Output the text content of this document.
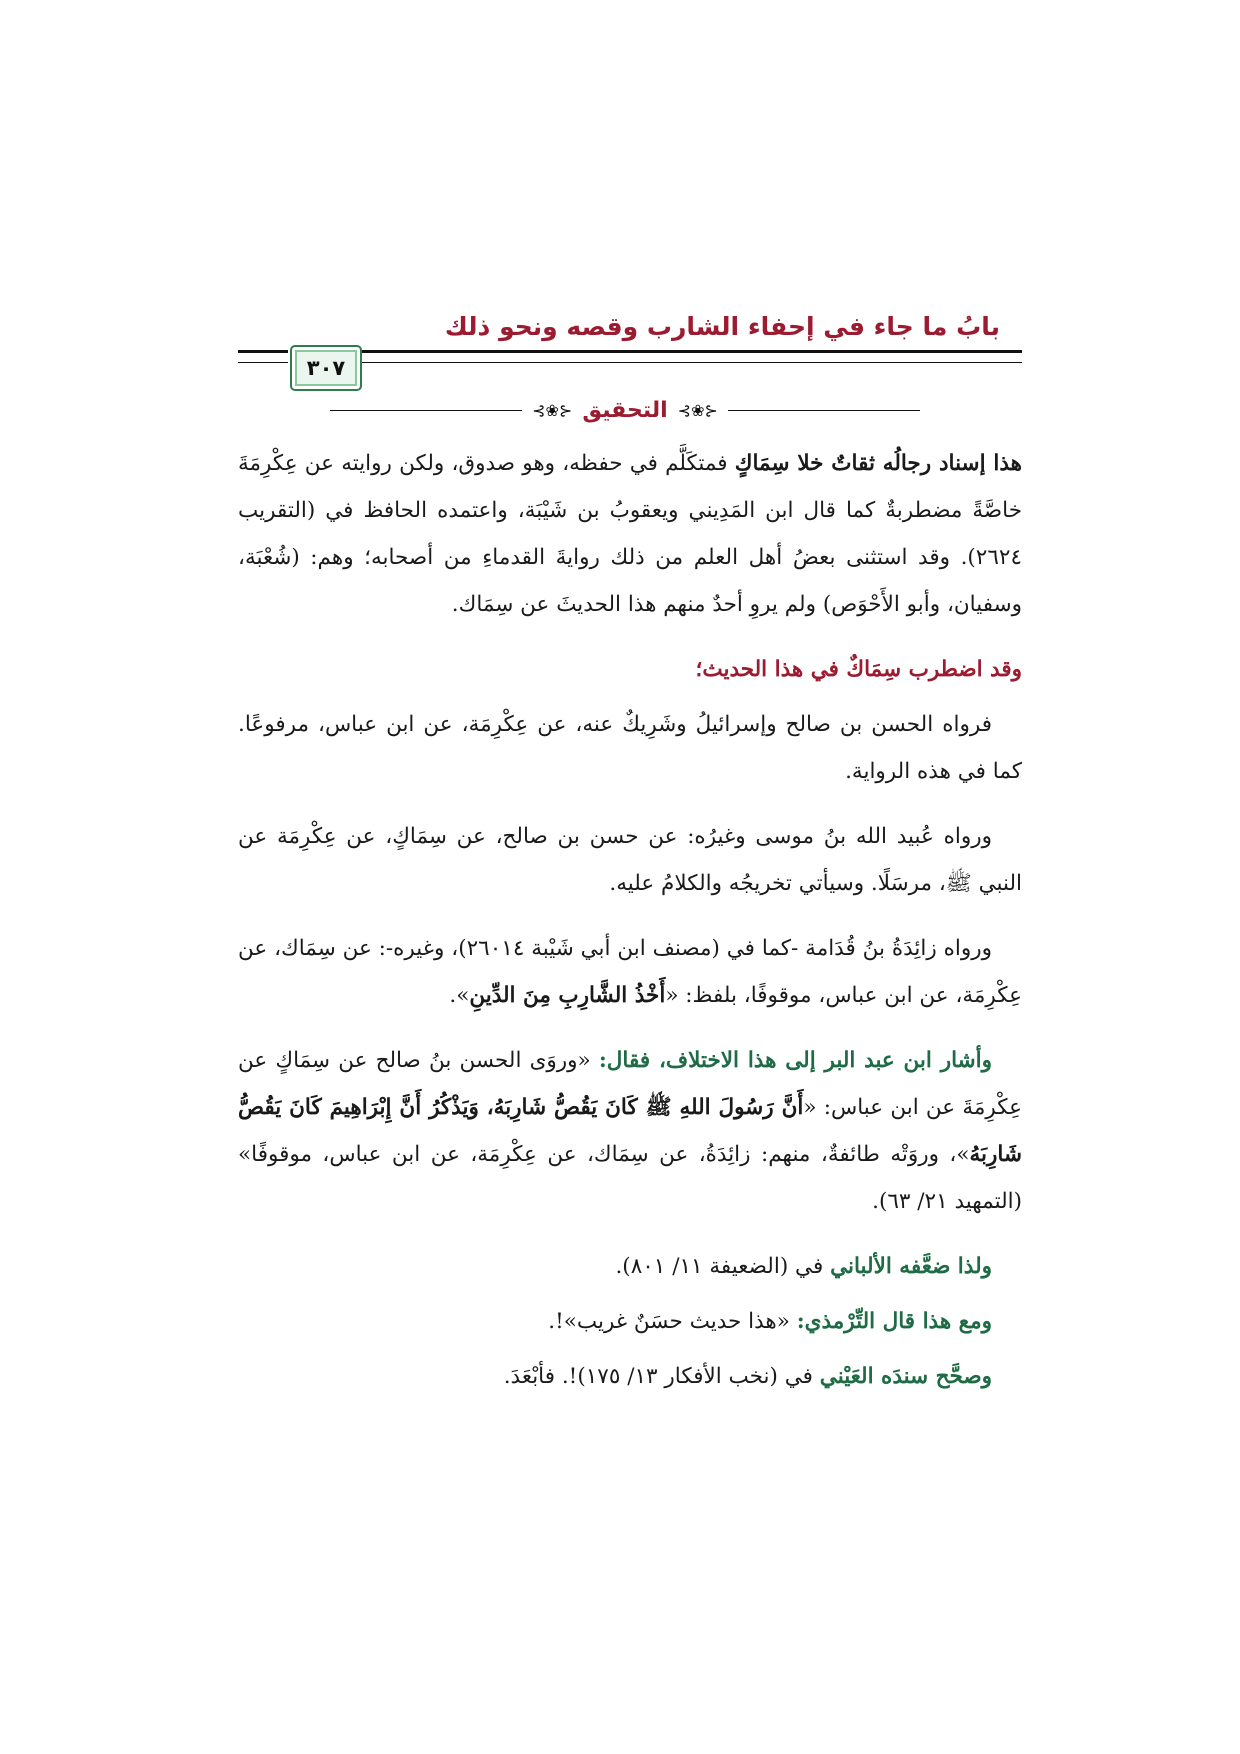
بابُ ما جاء في إحفاء الشارب وقصه ونحو ذلك
٣٠٧
⊰❀⊱ التحقيق ⊰❀⊱

هذا إسناد رجالُه ثقاتٌ خلا سِمَاكٍ فمتكَلَّم في حفظه، وهو صدوق، ولكن روايته عن عِكْرِمَةَ خاصَّةً مضطربةٌ كما قال ابن المَدِيني ويعقوبُ بن شَيْبَة، واعتمده الحافظ في (التقريب ٢٦٢٤). وقد استثنى بعضُ أهل العلم من ذلك روايةَ القدماءِ من أصحابه؛ وهم: (شُعْبَة، وسفيان، وأبو الأَحْوَص) ولم يروِ أحدٌ منهم هذا الحديثَ عن سِمَاك.

وقد اضطرب سِمَاكٌ في هذا الحديث؛

فرواه الحسن بن صالح وإسرائيلُ وشَرِيكٌ عنه، عن عِكْرِمَة، عن ابن عباس، مرفوعًا. كما في هذه الرواية.

ورواه عُبيد الله بنُ موسى وغيرُه: عن حسن بن صالح، عن سِمَاكٍ، عن عِكْرِمَة عن النبي ﷺ، مرسَلًا. وسيأتي تخريجُه والكلامُ عليه.

ورواه زائِدَةُ بنُ قُدَامة -كما في (مصنف ابن أبي شَيْبة ٢٦٠١٤)، وغيره-: عن سِمَاك، عن عِكْرِمَة، عن ابن عباس، موقوفًا، بلفظ: «أَخْذُ الشَّارِبِ مِنَ الدِّينِ».

وأشار ابن عبد البر إلى هذا الاختلاف، فقال: «وروَى الحسن بنُ صالح عن سِمَاكٍ عن عِكْرِمَةَ عن ابن عباس: «أَنَّ رَسُولَ اللهِ ﷺ كَانَ يَقُصُّ شَارِبَهُ، وَيَذْكُرُ أَنَّ إِبْرَاهِيمَ كَانَ يَقُصُّ شَارِبَهُ»، وروَتْه طائفةٌ، منهم: زائِدَةُ، عن سِمَاك، عن عِكْرِمَة، عن ابن عباس، موقوفًا» (التمهيد ٢١/ ٦٣).

ولذا ضعَّفه الألباني في (الضعيفة ١١/ ٨٠١).

ومع هذا قال التِّرْمذي: «هذا حديث حسَنٌ غريب»!.

وصحَّح سندَه العَيْني في (نخب الأفكار ١٣/ ١٧٥)!. فأبْعَدَ.
